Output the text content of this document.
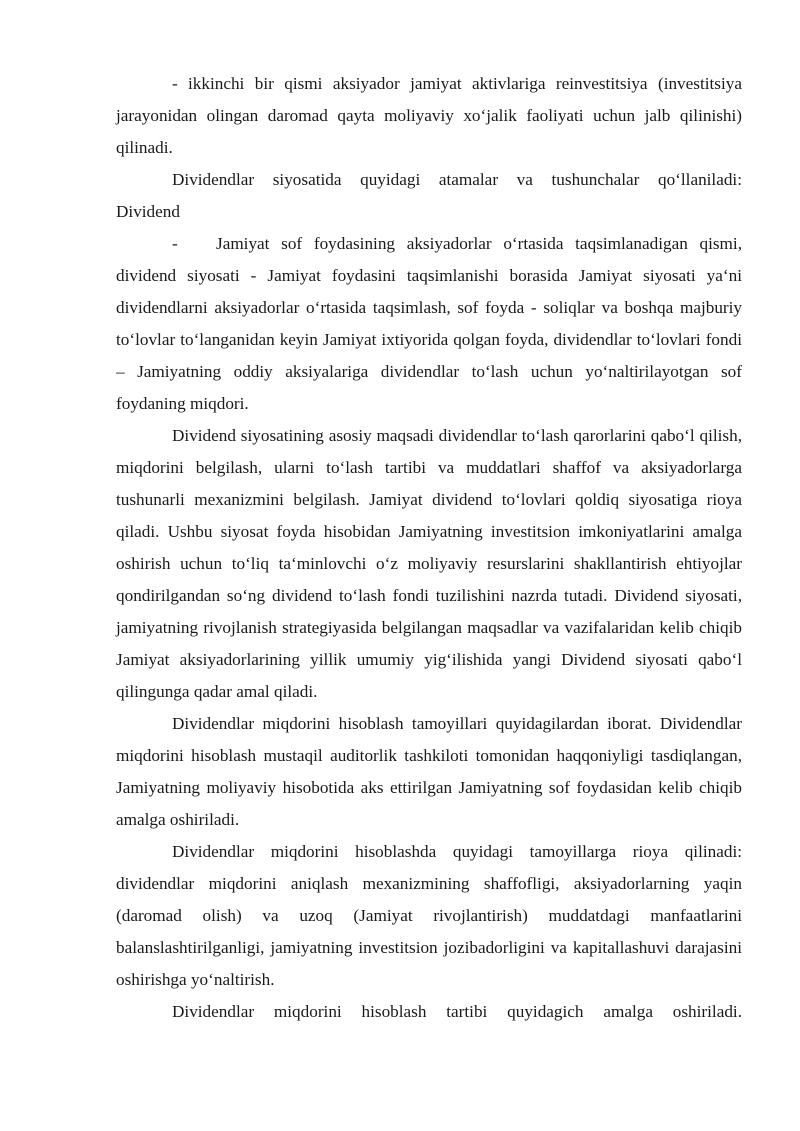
- ikkinchi bir qismi aksiyador jamiyat aktivlariga reinvestitsiya (investitsiya jarayonidan olingan daromad qayta moliyaviy xo‘jalik faoliyati uchun jalb qilinishi) qilinadi.

Dividendlar siyosatida quyidagi atamalar va tushunchalar qo‘llaniladi:

Dividend

- Jamiyat sof foydasining aksiyadorlar o‘rtasida taqsimlanadigan qismi, dividend siyosati - Jamiyat foydasini taqsimlanishi borasida Jamiyat siyosati ya‘ni dividendlarni aksiyadorlar o‘rtasida taqsimlash, sof foyda - soliqlar va boshqa majburiy to‘lovlar to‘langanidan keyin Jamiyat ixtiyorida qolgan foyda, dividendlar to‘lovlari fondi – Jamiyatning oddiy aksiyalariga dividendlar to‘lash uchun yo‘naltirilayotgan sof foydaning miqdori.

Dividend siyosatining asosiy maqsadi dividendlar to‘lash qarorlarini qabo‘l qilish, miqdorini belgilash, ularni to‘lash tartibi va muddatlari shaffof va aksiyadorlarga tushunarli mexanizmini belgilash. Jamiyat dividend to‘lovlari qoldiq siyosatiga rioya qiladi. Ushbu siyosat foyda hisobidan Jamiyatning investitsion imkoniyatlarini amalga oshirish uchun to‘liq ta‘minlovchi o‘z moliyaviy resurslarini shakllantirish ehtiyojlar qondirilgandan so‘ng dividend to‘lash fondi tuzilishini nazrda tutadi. Dividend siyosati, jamiyatning rivojlanish strategiyasida belgilangan maqsadlar va vazifalaridan kelib chiqib Jamiyat aksiyadorlarining yillik umumiy yig‘ilishida yangi Dividend siyosati qabo‘l qilingunga qadar amal qiladi.

Dividendlar miqdorini hisoblash tamoyillari quyidagilardan iborat. Dividendlar miqdorini hisoblash mustaqil auditorlik tashkiloti tomonidan haqqoniyligi tasdiqlangan, Jamiyatning moliyaviy hisobotida aks ettirilgan Jamiyatning sof foydasidan kelib chiqib amalga oshiriladi.

Dividendlar miqdorini hisoblashda quyidagi tamoyillarga rioya qilinadi: dividendlar miqdorini aniqlash mexanizmining shaffofligi, aksiyadorlarning yaqin (daromad olish) va uzoq (Jamiyat rivojlantirish) muddatdagi manfaatlarini balanslashtirilganligi, jamiyatning investitsion jozibadorligini va kapitallashuvi darajasini oshirishga yo‘naltirish.

Dividendlar miqdorini hisoblash tartibi quyidagich amalga oshiriladi.
